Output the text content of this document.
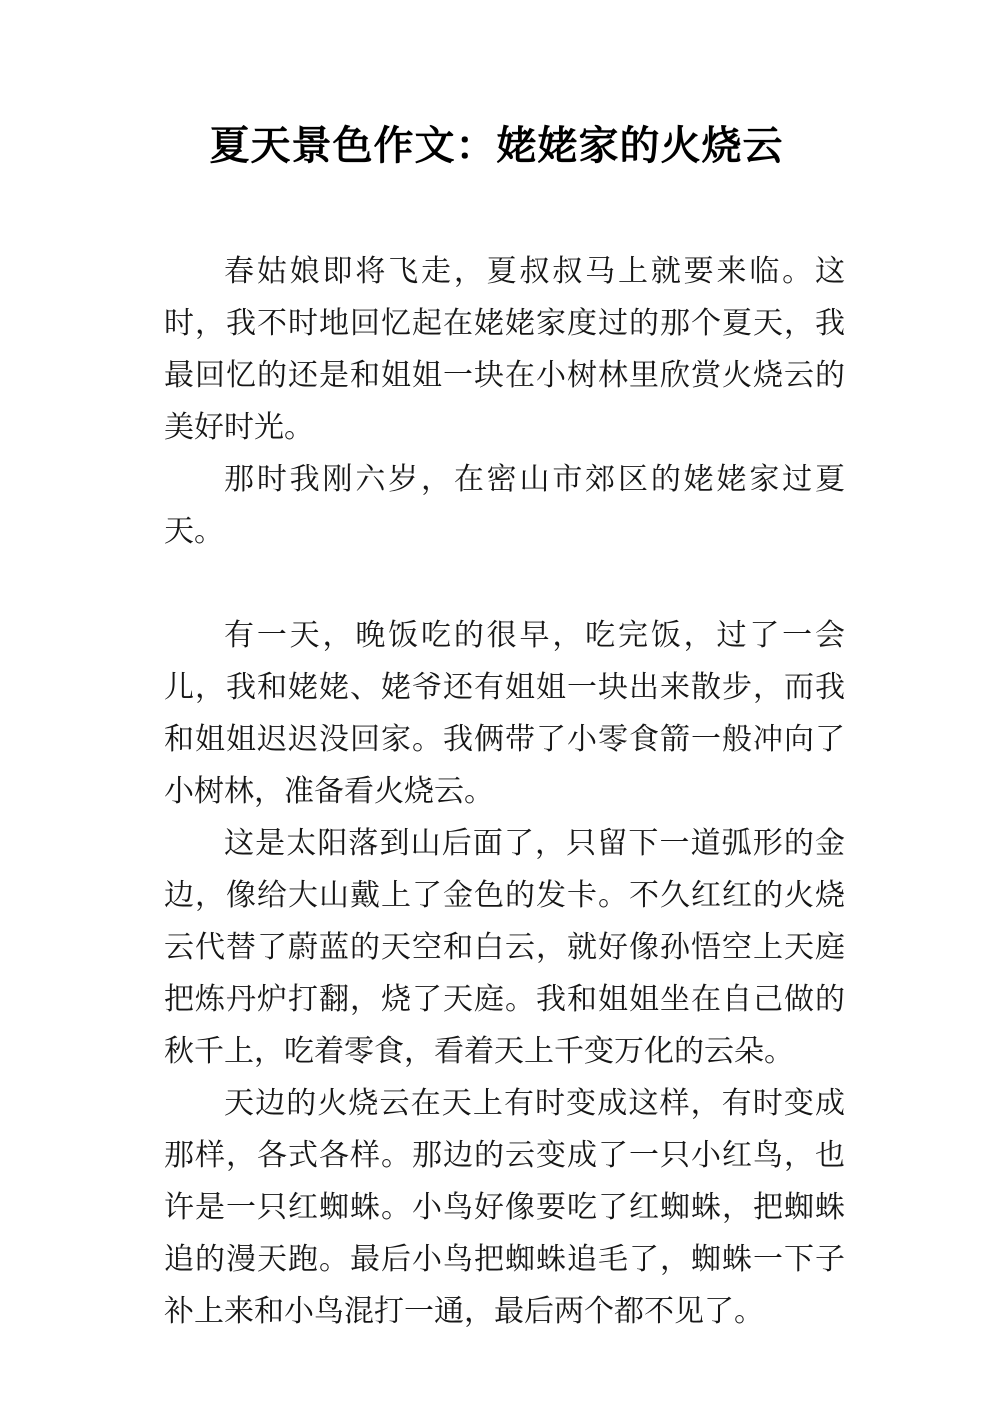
夏天景色作文：姥姥家的火烧云

春姑娘即将飞走，夏叔叔马上就要来临。这时，我不时地回忆起在姥姥家度过的那个夏天，我最回忆的还是和姐姐一块在小树林里欣赏火烧云的美好时光。

那时我刚六岁，在密山市郊区的姥姥家过夏天。

有一天，晚饭吃的很早，吃完饭，过了一会儿，我和姥姥、姥爷还有姐姐一块出来散步，而我和姐姐迟迟没回家。我俩带了小零食箭一般冲向了小树林，准备看火烧云。

这是太阳落到山后面了，只留下一道弧形的金边，像给大山戴上了金色的发卡。不久红红的火烧云代替了蔚蓝的天空和白云，就好像孙悟空上天庭把炼丹炉打翻，烧了天庭。我和姐姐坐在自己做的秋千上，吃着零食，看着天上千变万化的云朵。

天边的火烧云在天上有时变成这样，有时变成那样，各式各样。那边的云变成了一只小红鸟，也许是一只红蜘蛛。小鸟好像要吃了红蜘蛛，把蜘蛛追的漫天跑。最后小鸟把蜘蛛追毛了，蜘蛛一下子补上来和小鸟混打一通，最后两个都不见了。
